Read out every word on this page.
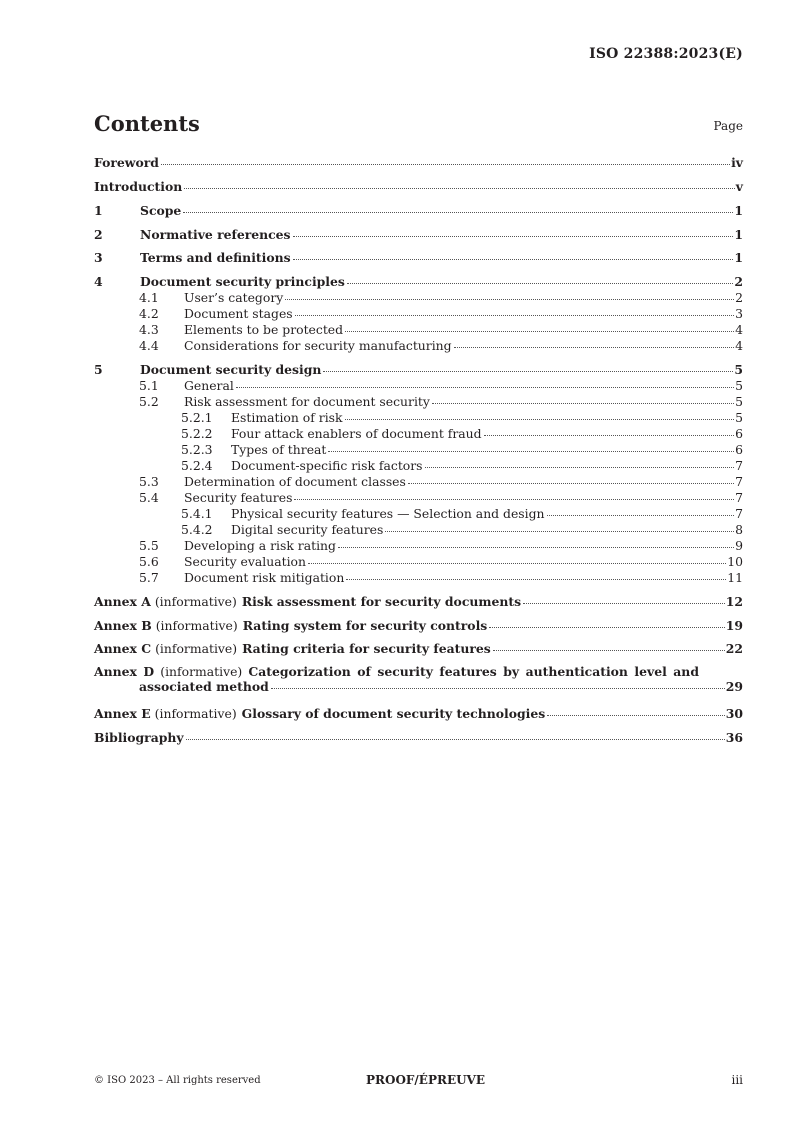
ISO 22388:2023(E)
Contents	Page
Foreword	iv
Introduction	v
1	Scope	1
2	Normative references	1
3	Terms and definitions	1
4	Document security principles	2
4.1	User’s category	2
4.2	Document stages	3
4.3	Elements to be protected	4
4.4	Considerations for security manufacturing	4
5	Document security design	5
5.1	General	5
5.2	Risk assessment for document security	5
5.2.1	Estimation of risk	5
5.2.2	Four attack enablers of document fraud	6
5.2.3	Types of threat	6
5.2.4	Document-specific risk factors	7
5.3	Determination of document classes	7
5.4	Security features	7
5.4.1	Physical security features — Selection and design	7
5.4.2	Digital security features	8
5.5	Developing a risk rating	9
5.6	Security evaluation	10
5.7	Document risk mitigation	11
Annex A (informative) Risk assessment for security documents	12
Annex B (informative) Rating system for security controls	19
Annex C (informative) Rating criteria for security features	22
Annex D (informative) Categorization of security features by authentication level and
associated method	29
Annex E (informative) Glossary of document security technologies	30
Bibliography	36
© ISO 2023 – All rights reserved	PROOF/ÉPREUVE	iii
